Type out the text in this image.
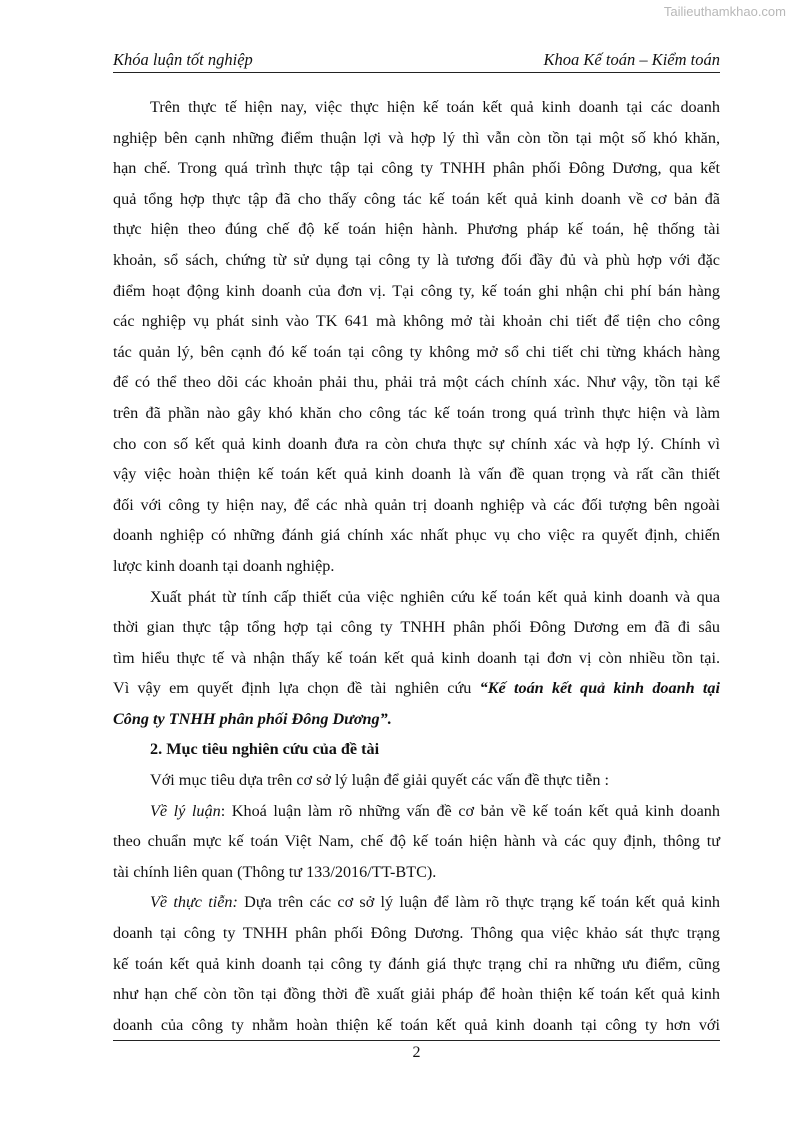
Tailieuthamkhao.com
Khóa luận tốt nghiệp	Khoa Kế toán – Kiểm toán
Trên thực tế hiện nay, việc thực hiện kế toán kết quả kinh doanh tại các doanh
nghiệp bên cạnh những điểm thuận lợi và hợp lý thì vẫn còn tồn tại một số khó khăn,
hạn chế. Trong quá trình thực tập tại công ty TNHH phân phối Đông Dương, qua kết
quả tổng hợp thực tập đã cho thấy công tác kế toán kết quả kinh doanh về cơ bản đã
thực hiện theo đúng chế độ kế toán hiện hành. Phương pháp kế toán, hệ thống tài
khoản, sổ sách, chứng từ sử dụng tại công ty là tương đối đầy đủ và phù hợp với đặc
điểm hoạt động kinh doanh của đơn vị. Tại công ty, kế toán ghi nhận chi phí bán hàng
các nghiệp vụ phát sinh vào TK 641 mà không mở tài khoản chi tiết để tiện cho công
tác quản lý, bên cạnh đó kế toán tại công ty không mở sổ chi tiết chi từng khách hàng
để có thể theo dõi các khoản phải thu, phải trả một cách chính xác. Như vậy, tồn tại kể
trên đã phần nào gây khó khăn cho công tác kế toán trong quá trình thực hiện và làm
cho con số kết quả kinh doanh đưa ra còn chưa thực sự chính xác và hợp lý. Chính vì
vậy việc hoàn thiện kế toán kết quả kinh doanh là vấn đề quan trọng và rất cần thiết
đối với công ty hiện nay, để các nhà quản trị doanh nghiệp và các đối tượng bên ngoài
doanh nghiệp có những đánh giá chính xác nhất phục vụ cho việc ra quyết định, chiến
lược kinh doanh tại doanh nghiệp.
Xuất phát từ tính cấp thiết của việc nghiên cứu kế toán kết quả kinh doanh và qua
thời gian thực tập tổng hợp tại công ty TNHH phân phối Đông Dương em đã đi sâu
tìm hiểu thực tế và nhận thấy kế toán kết quả kinh doanh tại đơn vị còn nhiều tồn tại.
Vì vậy em quyết định lựa chọn đề tài nghiên cứu “Kế toán kết quả kinh doanh tại
Công ty TNHH phân phối Đông Dương”.
2. Mục tiêu nghiên cứu của đề tài
Với mục tiêu dựa trên cơ sở lý luận để giải quyết các vấn đề thực tiễn :
Về lý luận: Khoá luận làm rõ những vấn đề cơ bản về kế toán kết quả kinh doanh
theo chuẩn mực kế toán Việt Nam, chế độ kế toán hiện hành và các quy định, thông tư
tài chính liên quan (Thông tư 133/2016/TT-BTC).
Về thực tiễn: Dựa trên các cơ sở lý luận để làm rõ thực trạng kế toán kết quả kinh
doanh tại công ty TNHH phân phối Đông Dương. Thông qua việc khảo sát thực trạng
kế toán kết quả kinh doanh tại công ty đánh giá thực trạng chỉ ra những ưu điểm, cũng
như hạn chế còn tồn tại đồng thời đề xuất giải pháp để hoàn thiện kế toán kết quả kinh
doanh của công ty nhằm hoàn thiện kế toán kết quả kinh doanh tại công ty hơn với
2
